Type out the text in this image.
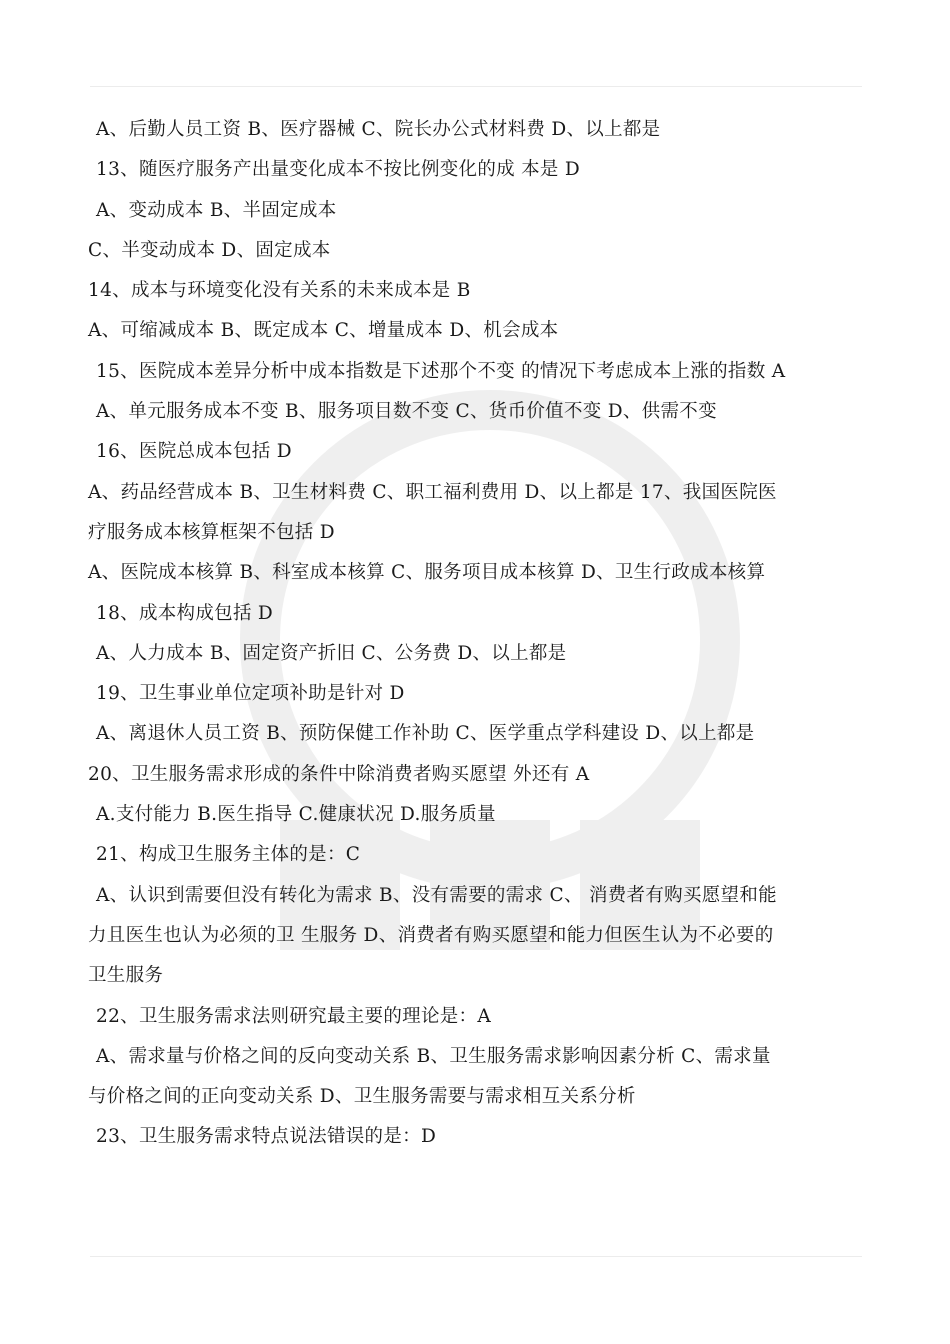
A、后勤人员工资 B、医疗器械 C、院长办公式材料费 D、以上都是
13、随医疗服务产出量变化成本不按比例变化的成 本是 D
A、变动成本 B、半固定成本
C、半变动成本 D、固定成本
14、成本与环境变化没有关系的未来成本是 B
A、可缩减成本 B、既定成本 C、增量成本 D、机会成本
15、医院成本差异分析中成本指数是下述那个不变 的情况下考虑成本上涨的指数 A
A、单元服务成本不变 B、服务项目数不变 C、货币价值不变 D、供需不变
16、医院总成本包括 D
A、药品经营成本 B、卫生材料费 C、职工福利费用 D、以上都是 17、我国医院医
疗服务成本核算框架不包括 D
A、医院成本核算 B、科室成本核算 C、服务项目成本核算 D、卫生行政成本核算
18、成本构成包括 D
A、人力成本 B、固定资产折旧 C、公务费 D、以上都是
19、卫生事业单位定项补助是针对 D
A、离退休人员工资 B、预防保健工作补助 C、医学重点学科建设 D、以上都是
20、卫生服务需求形成的条件中除消费者购买愿望 外还有 A
A.支付能力 B.医生指导 C.健康状况 D.服务质量
21、构成卫生服务主体的是：C
A、认识到需要但没有转化为需求 B、没有需要的需求 C、 消费者有购买愿望和能
力且医生也认为必须的卫 生服务 D、消费者有购买愿望和能力但医生认为不必要的
卫生服务
22、卫生服务需求法则研究最主要的理论是：A
A、需求量与价格之间的反向变动关系 B、卫生服务需求影响因素分析 C、需求量
与价格之间的正向变动关系 D、卫生服务需要与需求相互关系分析
23、卫生服务需求特点说法错误的是：D
